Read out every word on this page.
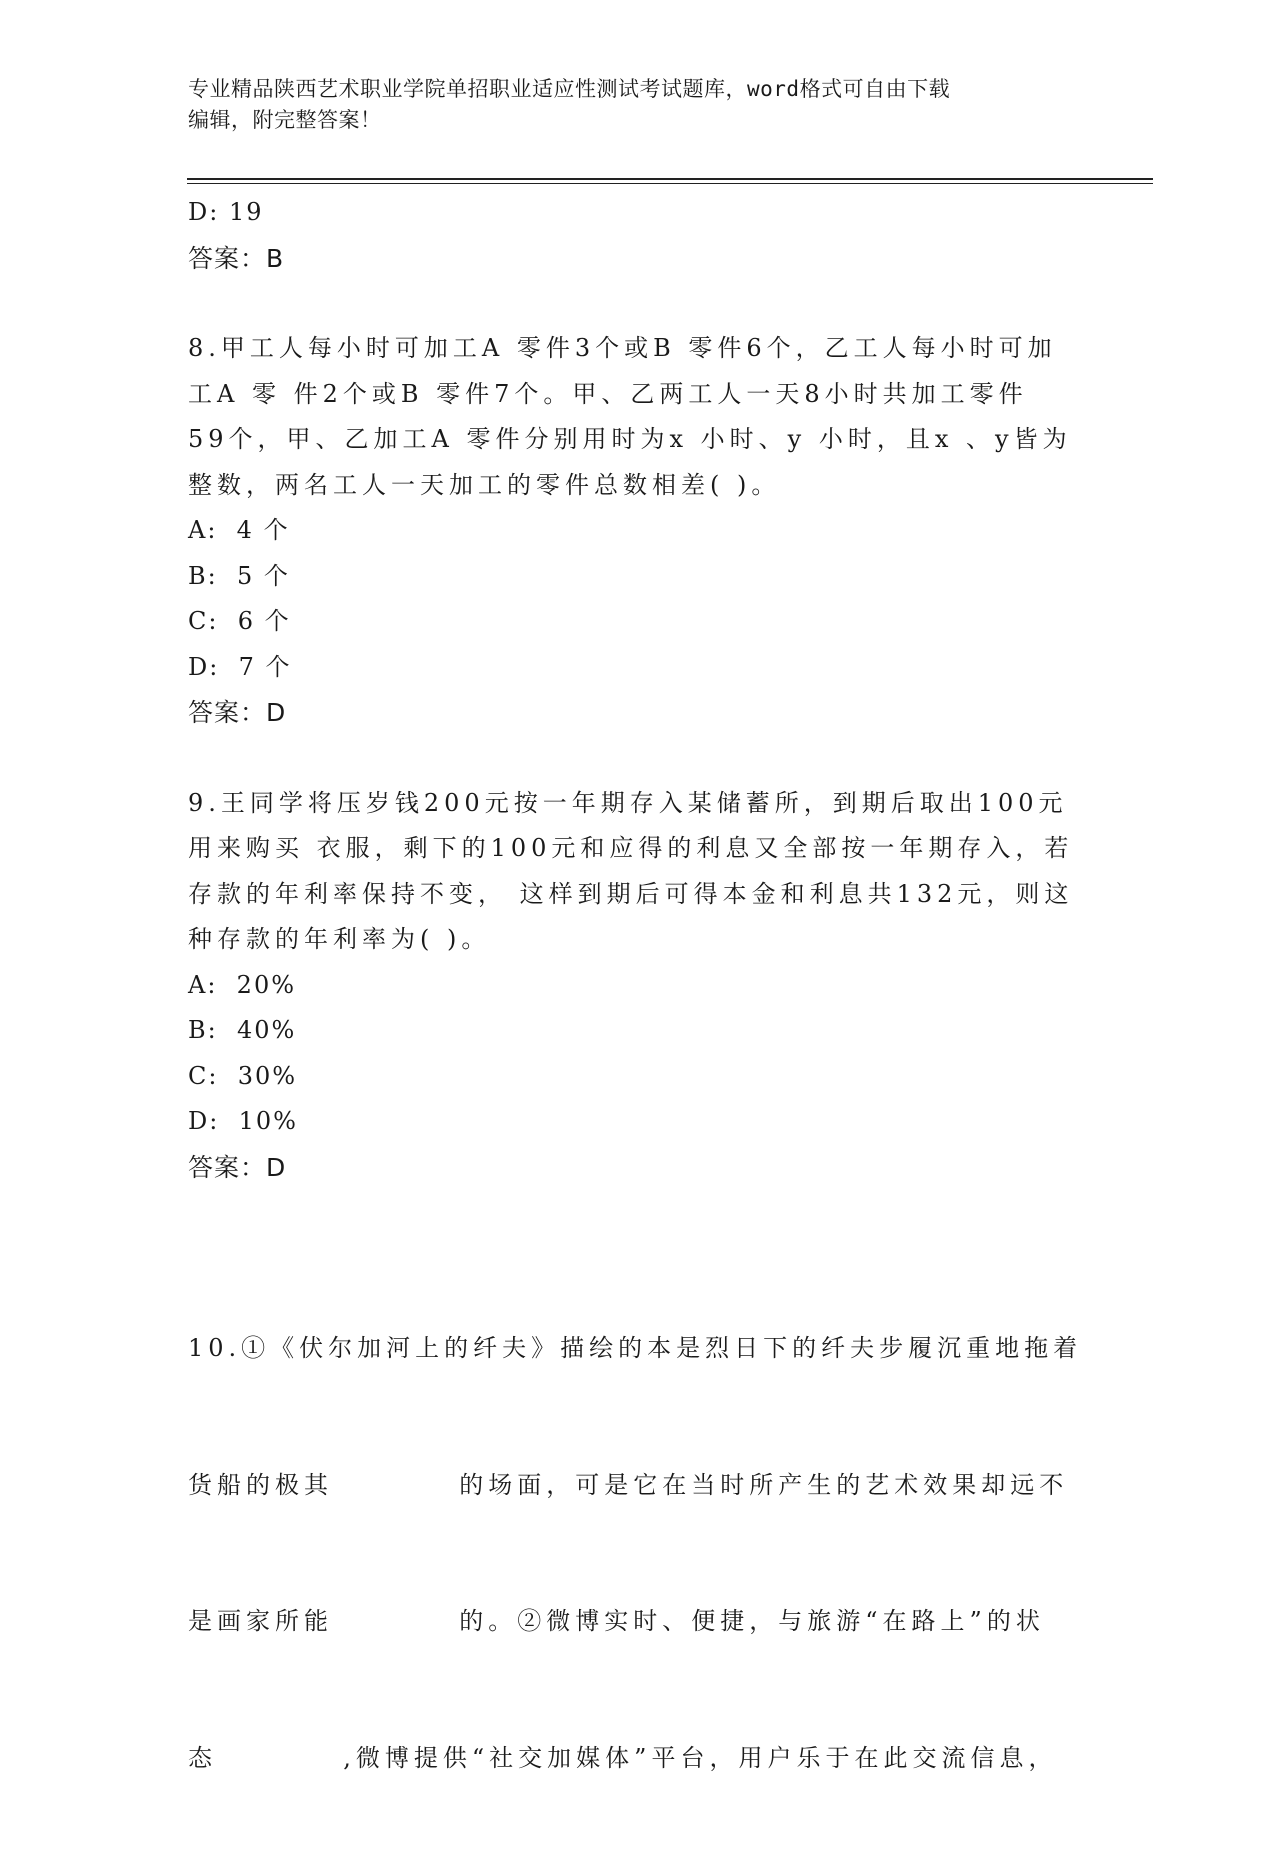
专业精品陕西艺术职业学院单招职业适应性测试考试题库，word格式可自由下载
编辑，附完整答案！
D: 19
答案：B
8.甲工人每小时可加工A 零件3个或B 零件6个，乙工人每小时可加
工A 零 件2个或B 零件7个。甲、乙两工人一天8小时共加工零件
59个，甲、乙加工A 零件分别用时为x 小时、y 小时，且x 、y皆为
整数，两名工人一天加工的零件总数相差( )。
A:  4 个
B:  5 个
C:  6 个
D:  7 个
答案：D
9.王同学将压岁钱200元按一年期存入某储蓄所，到期后取出100元
用来购买 衣服，剩下的100元和应得的利息又全部按一年期存入，若
存款的年利率保持不变， 这样到期后可得本金和利息共132元，则这
种存款的年利率为( )。
A:  20%
B:  40%
C:  30%
D:  10%
答案：D

10.①《伏尔加河上的纤夫》描绘的本是烈日下的纤夫步履沉重地拖着

货船的极其          的场面，可是它在当时所产生的艺术效果却远不

是画家所能          的。②微博实时、便捷，与旅游“在路上”的状

态          ,微博提供“社交加媒体”平台，用户乐于在此交流信息，
